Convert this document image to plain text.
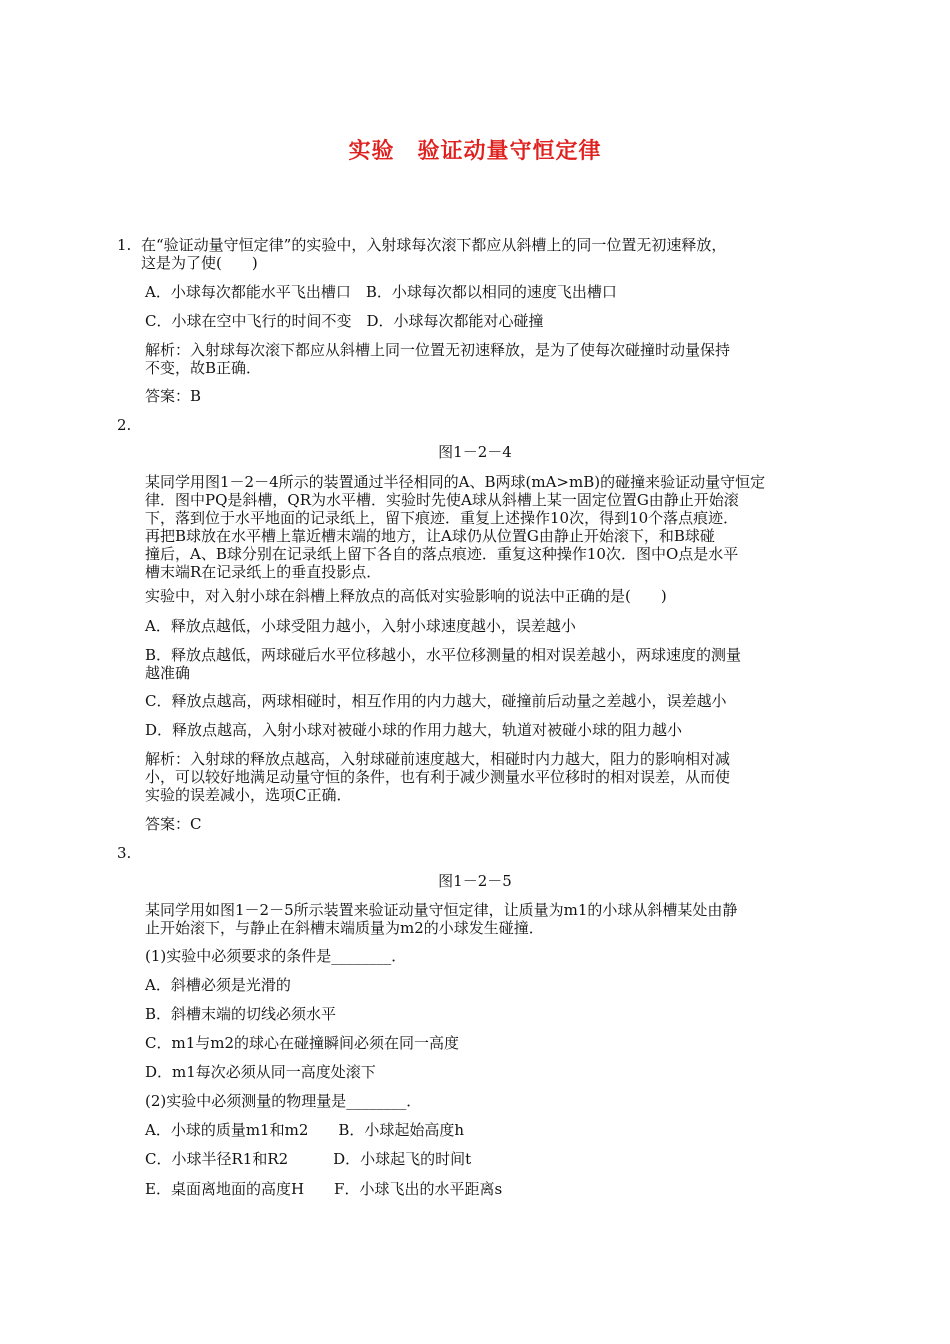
实验　验证动量守恒定律
1. 在“验证动量守恒定律”的实验中，入射球每次滚下都应从斜槽上的同一位置无初速释放，
这是为了使(　　)
A．小球每次都能水平飞出槽口　B．小球每次都以相同的速度飞出槽口
C．小球在空中飞行的时间不变　D．小球每次都能对心碰撞
解析：入射球每次滚下都应从斜槽上同一位置无初速释放，是为了使每次碰撞时动量保持
不变，故B正确．
答案：B
2.
图1－2－4
某同学用图1－2－4所示的装置通过半径相同的A、B两球(mA>mB)的碰撞来验证动量守恒定
律．图中PQ是斜槽，QR为水平槽．实验时先使A球从斜槽上某一固定位置G由静止开始滚
下，落到位于水平地面的记录纸上，留下痕迹．重复上述操作10次，得到10个落点痕迹．
再把B球放在水平槽上靠近槽末端的地方，让A球仍从位置G由静止开始滚下，和B球碰
撞后，A、B球分别在记录纸上留下各自的落点痕迹．重复这种操作10次．图中O点是水平
槽末端R在记录纸上的垂直投影点．
实验中，对入射小球在斜槽上释放点的高低对实验影响的说法中正确的是(　　)
A．释放点越低，小球受阻力越小，入射小球速度越小，误差越小
B．释放点越低，两球碰后水平位移越小，水平位移测量的相对误差越小，两球速度的测量
越准确
C．释放点越高，两球相碰时，相互作用的内力越大，碰撞前后动量之差越小，误差越小
D．释放点越高，入射小球对被碰小球的作用力越大，轨道对被碰小球的阻力越小
解析：入射球的释放点越高，入射球碰前速度越大，相碰时内力越大，阻力的影响相对减
小，可以较好地满足动量守恒的条件，也有利于减少测量水平位移时的相对误差，从而使
实验的误差减小，选项C正确．
答案：C
3.
图1－2－5
某同学用如图1－2－5所示装置来验证动量守恒定律，让质量为m1的小球从斜槽某处由静
止开始滚下，与静止在斜槽末端质量为m2的小球发生碰撞．
(1)实验中必须要求的条件是________．
A．斜槽必须是光滑的
B．斜槽末端的切线必须水平
C．m1与m2的球心在碰撞瞬间必须在同一高度
D．m1每次必须从同一高度处滚下
(2)实验中必须测量的物理量是________．
A．小球的质量m1和m2　　B．小球起始高度h
C．小球半径R1和R2　　　D．小球起飞的时间t
E．桌面离地面的高度H　　F．小球飞出的水平距离s
